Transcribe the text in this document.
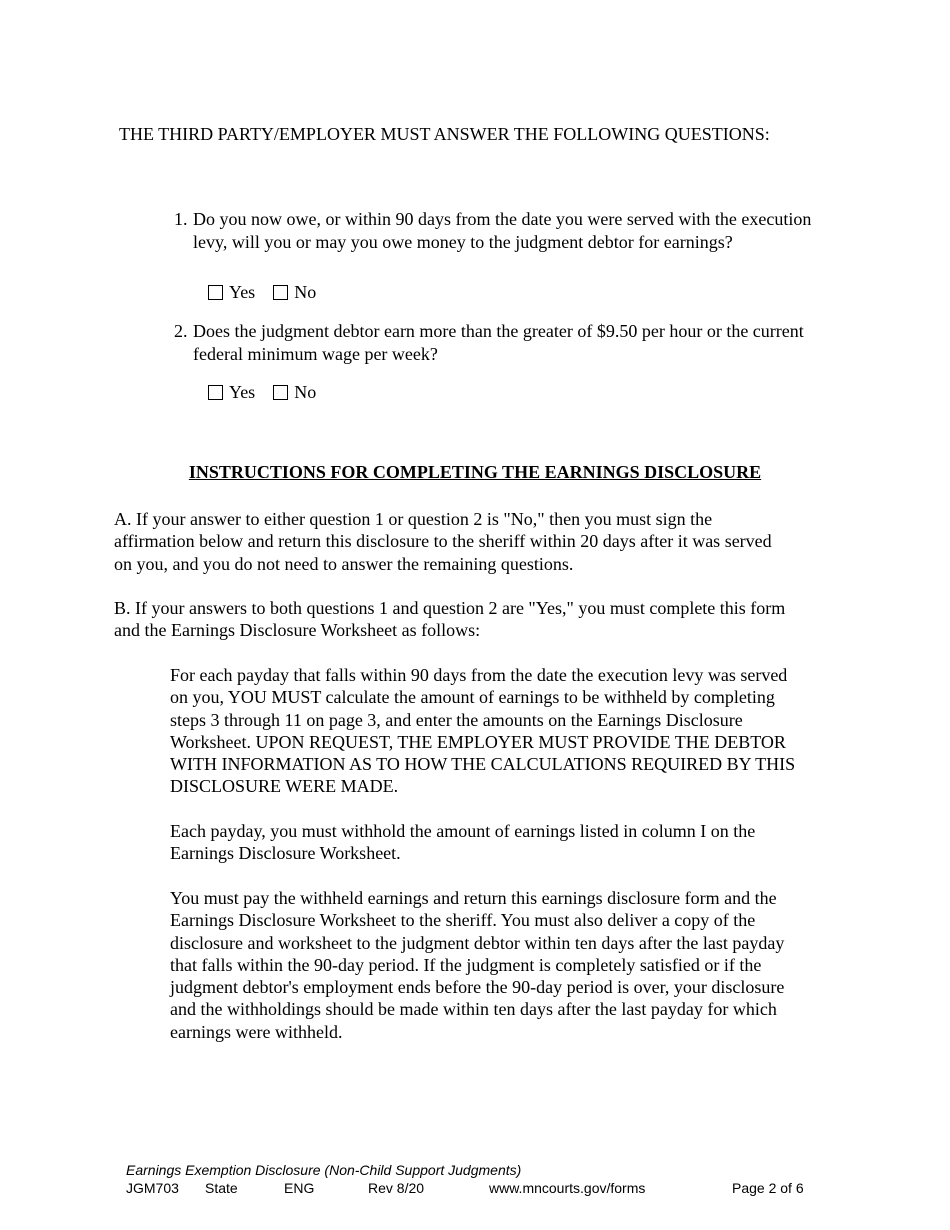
THE THIRD PARTY/EMPLOYER MUST ANSWER THE FOLLOWING QUESTIONS:
1. Do you now owe, or within 90 days from the date you were served with the execution
levy, will you or may you owe money to the judgment debtor for earnings?
Yes No
2. Does the judgment debtor earn more than the greater of $9.50 per hour or the current
federal minimum wage per week?
Yes No
INSTRUCTIONS FOR COMPLETING THE EARNINGS DISCLOSURE
A. If your answer to either question 1 or question 2 is "No," then you must sign the
affirmation below and return this disclosure to the sheriff within 20 days after it was served
on you, and you do not need to answer the remaining questions.
B. If your answers to both questions 1 and question 2 are "Yes," you must complete this form
and the Earnings Disclosure Worksheet as follows:
For each payday that falls within 90 days from the date the execution levy was served
on you, YOU MUST calculate the amount of earnings to be withheld by completing
steps 3 through 11 on page 3, and enter the amounts on the Earnings Disclosure
Worksheet. UPON REQUEST, THE EMPLOYER MUST PROVIDE THE DEBTOR
WITH INFORMATION AS TO HOW THE CALCULATIONS REQUIRED BY THIS
DISCLOSURE WERE MADE.
Each payday, you must withhold the amount of earnings listed in column I on the
Earnings Disclosure Worksheet.
You must pay the withheld earnings and return this earnings disclosure form and the
Earnings Disclosure Worksheet to the sheriff. You must also deliver a copy of the
disclosure and worksheet to the judgment debtor within ten days after the last payday
that falls within the 90-day period. If the judgment is completely satisfied or if the
judgment debtor's employment ends before the 90-day period is over, your disclosure
and the withholdings should be made within ten days after the last payday for which
earnings were withheld.
Earnings Exemption Disclosure (Non-Child Support Judgments)
JGM703 State	ENG	Rev 8/20	www.mncourts.gov/forms	Page 2 of 6
